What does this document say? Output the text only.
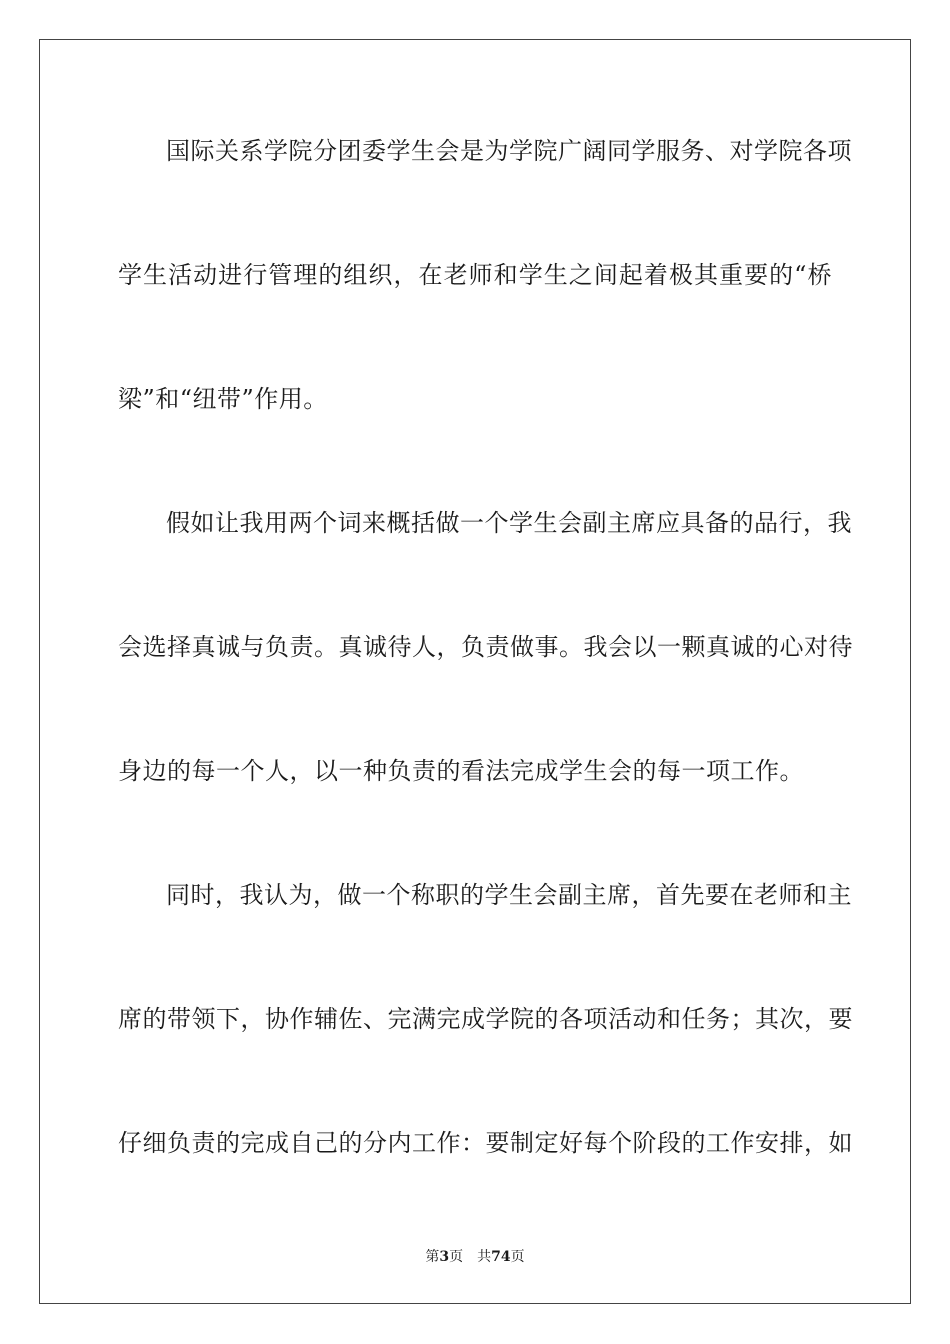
国际关系学院分团委学生会是为学院广阔同学服务、对学院各项
学生活动进行管理的组织，在老师和学生之间起着极其重要的“桥
梁”和“纽带”作用。
假如让我用两个词来概括做一个学生会副主席应具备的品行，我
会选择真诚与负责。真诚待人，负责做事。我会以一颗真诚的心对待
身边的每一个人，以一种负责的看法完成学生会的每一项工作。
同时，我认为，做一个称职的学生会副主席，首先要在老师和主
席的带领下，协作辅佐、完满完成学院的各项活动和任务；其次，要
仔细负责的完成自己的分内工作：要制定好每个阶段的工作安排，如
第3页 共74页
